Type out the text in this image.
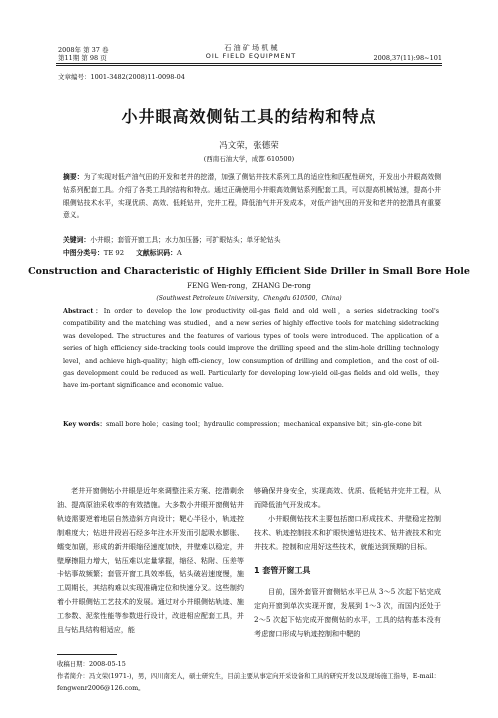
2008年 第 37 卷
第11期 第 98 页
石 油 矿 场 机 械
OIL FIELD EQUIPMENT	2008,37(11):98~101
文章编号：1001-3482(2008)11-0098-04
小井眼高效侧钻工具的结构和特点
冯文荣，张德荣
(西南石油大学，成都 610500)
摘要：为了实现对低产油气田的开发和老井的挖潜，加强了侧钻井技术系列工具的适应性和匹配性研究，开发出小井眼高效侧钻系列配套工具。介绍了各类工具的结构和特点。通过正确使用小井眼高效侧钻系列配套工具，可以提高机械钻速，提高小井眼侧钻技术水平，实现优质、高效、低耗钻井，完井工程，降低油气井开发成本，对低产油气田的开发和老井的挖潜具有重要意义。
关键词：小井眼；套管开窗工具；水力加压器；可扩眼钻头；单牙轮钻头
中图分类号：TE 92 文献标识码：A
Construction and Characteristic of Highly Efficient Side Driller in Small Bore Hole
FENG Wen-rong，ZHANG De-rong
(Southwest Petroleum University，Chengdu 610500，China)
Abstract：In order to develop the low productivity oil-gas field and old well，a series sidetracking tool's compatibility and the matching was studied，and a new series of highly effective tools for matching sidetracking was developed. The structures and the features of various types of tools were introduced. The application of a series of high efficiency side-tracking tools could improve the drilling speed and the slim-hole drilling technology level，and achieve high-quality；high effi-ciency，low consumption of drilling and completion，and the cost of oil-gas development could be reduced as well. Particularly for developing low-yield oil-gas fields and old wells，they have im-portant significance and economic value.
Key words：small bore hole；casing tool；hydraulic compression；mechanical expansive bit；sin-gle-cone bit

老井开窗侧钻小井眼是近年来调整注采方案、挖潜剩余油、提高原油采收率的有效措施。大多数小井眼开窗侧钻井轨迹需要逆着地层自然造斜方向设计；靶心半径小，轨迹控制难度大；钻进井段岩石经多年注水开发而引起吸水膨胀、蠕变加剧，形成的新井眼缩径速度加快，井壁难以稳定，井壁摩擦阻力增大，钻压难以定量掌握，缩径、粘附、压差等卡钻事故频繁；套管开窗工具效率低，钻头破岩速度慢，施工周期长，其结构难以实现准确定位和快速分叉。这些制约着小井眼侧钻工艺技术的发展。通过对小井眼侧钻轨迹、施工参数、泥浆性能等参数进行设计，改进相应配套工具，并且与钻具结构相适应，能

够确保井身安全，实现高效、优质、低耗钻井完井工程，从而降低油气开发成本。

小井眼侧钻技术主要包括窗口形成技术、井壁稳定控制技术、轨迹控制技术和扩眼快速钻进技术、钻井液技术和完井技术。控制和应用好这些技术，就能达到预期的目标。

1 套管开窗工具

目前，国外套管开窗侧钻水平已从 3～5 次起下钻完成定向开窗到单次实现开窗，发展到 1～3 次，而国内还处于 2～5 次起下钻完成开窗侧钻的水平，工具的结构基本没有考虑窗口形成与轨迹控制和中靶的

收稿日期：2008-05-15
作者简介：冯文荣(1971-)，男，四川南充人，硕士研究生，目前主要从事定向开采设备和工具的研究开发以及现场施工指导，E-mail：fengwenr2006@126.com。
